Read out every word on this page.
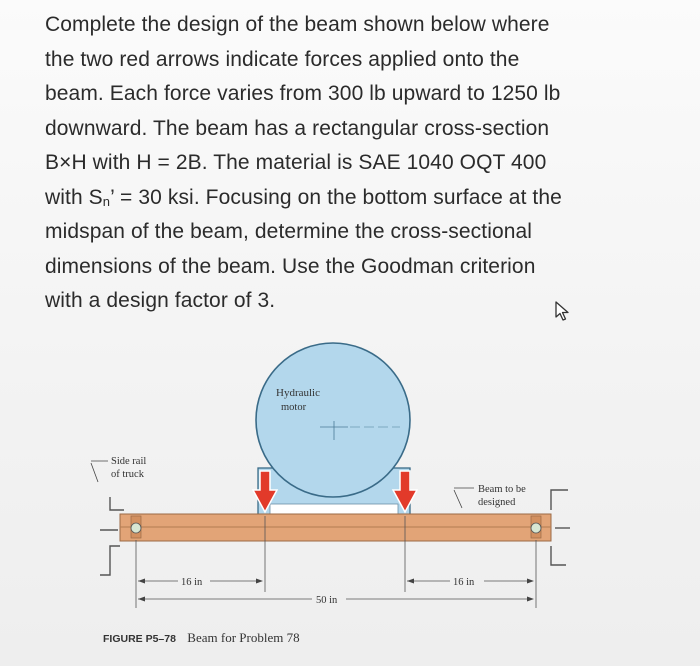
Complete the design of the beam shown below where

the two red arrows indicate forces applied onto the

beam. Each force varies from 300 lb upward to 1250 lb

downward. The beam has a rectangular cross-section

B×H with H = 2B. The material is SAE 1040 OQT 400

with $S_n$’ = 30 ksi. Focusing on the bottom surface at the

midspan of the beam, determine the cross-sectional

dimensions of the beam. Use the Goodman criterion

with a design factor of 3.

Hydraulic
motor
Side rail
of truck
Beam to be
designed
16 in	16 in
50 in
FIGURE P5–78 Beam for Problem 78
